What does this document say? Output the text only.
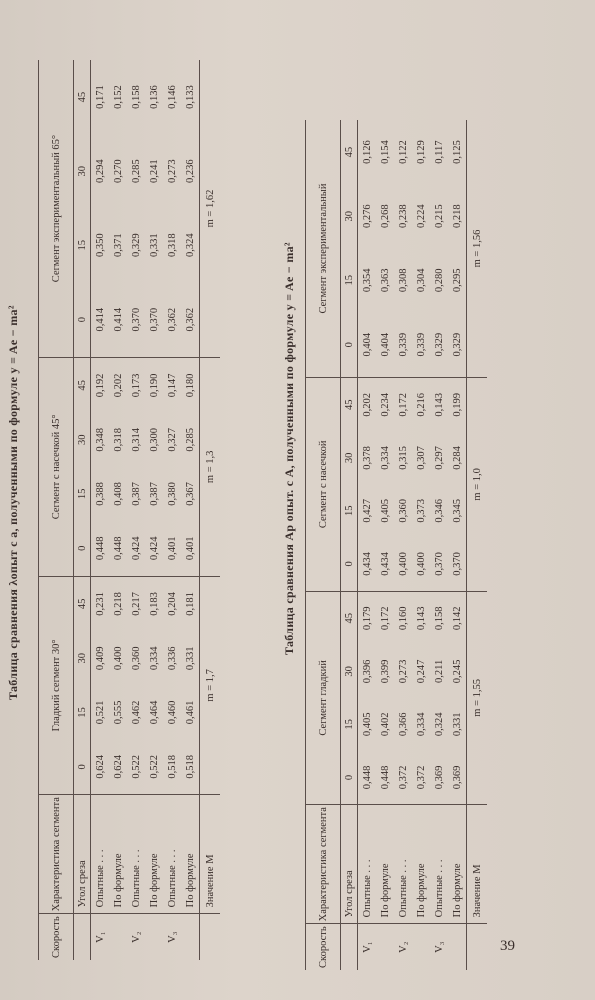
Таблица сравнения λопыт с a, полученными по формуле y = Ae − ma²
Скорость	Характеристика сегмента	Гладкий сегмент 30°				Сегмент с насечкой 45°				Сегмент экспериментальный 65°			
	Угол среза	0	15	30	45	0	15	30	45	0	15	30	45
V₁	Опытные . . .	0,624	0,521	0,409	0,231	0,448	0,388	0,348	0,192	0,414	0,350	0,294	0,171
	По формуле	0,624	0,555	0,400	0,218	0,448	0,408	0,318	0,202	0,414	0,371	0,270	0,152
V₂	Опытные . . .	0,522	0,462	0,360	0,217	0,424	0,387	0,314	0,173	0,370	0,329	0,285	0,158
	По формуле	0,522	0,464	0,334	0,183	0,424	0,387	0,300	0,190	0,370	0,331	0,241	0,136
V₃	Опытные . . .	0,518	0,460	0,336	0,204	0,401	0,380	0,327	0,147	0,362	0,318	0,273	0,146
	По формуле	0,518	0,461	0,331	0,181	0,401	0,367	0,285	0,180	0,362	0,324	0,236	0,133
	Значение M	m = 1,7				m = 1,3				m = 1,62			
Таблица сравнения Ap опыт. с A, полученными по формуле y = Ae − ma²
Скорость	Характеристика сегмента	Сегмент гладкий				Сегмент с насечкой				Сегмент экспериментальный			
	Угол среза	0	15	30	45	0	15	30	45	0	15	30	45
V₁	Опытные . . .	0,448	0,405	0,396	0,179	0,434	0,427	0,378	0,202	0,404	0,354	0,276	0,126
	По формуле	0,448	0,402	0,399	0,172	0,434	0,405	0,334	0,234	0,404	0,363	0,268	0,154
V₂	Опытные . . .	0,372	0,366	0,273	0,160	0,400	0,360	0,315	0,172	0,339	0,308	0,238	0,122
	По формуле	0,372	0,334	0,247	0,143	0,400	0,373	0,307	0,216	0,339	0,304	0,224	0,129
V₃	Опытные . . .	0,369	0,324	0,211	0,158	0,370	0,346	0,297	0,143	0,329	0,280	0,215	0,117
	По формуле	0,369	0,331	0,245	0,142	0,370	0,345	0,284	0,199	0,329	0,295	0,218	0,125
	Значение M	m = 1,55				m = 1,0				m = 1,56			
39
